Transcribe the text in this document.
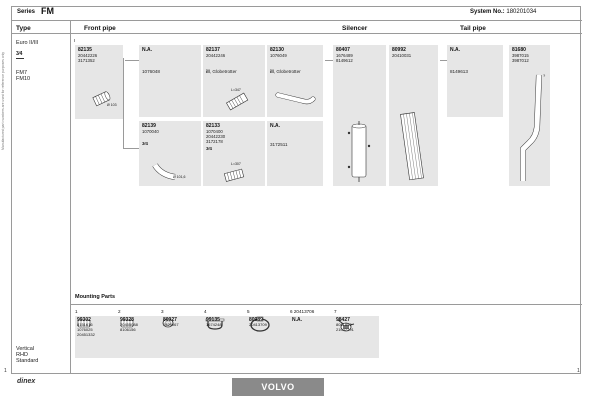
Manufactured part numbers are used for reference purposes only
Series FM	System No.: 180201034
Type	Front pipe	Silencer	Tail pipe
Euro II/III
3⁄4
FM7
FM10
Vertical
RHD
Standard
82135
20442226
3171352
Ø 103
N.A.
1076048
82137
20442246
ill, Globetrotter
L=347
82130
1076049
ill, Globetrotter
80407
1676489
8149612
80992
20410031
N.A.
8149613
81680
3987015
3987012
?
82139
1070040
3⁄4
Ø 101,6
82133
1070400
20442230
3172178
3⁄4
L=307
N.A.
3172511
Mounting Parts
1
99302
8151616
1076025
20451332
2
99328
20455088
8106156
3
80927
1629067
4
99135
1674248
5
80989
20413709
6 20413706
N.A.
7
98427
8081852
21042291
dinex
VOLVO
1	1
